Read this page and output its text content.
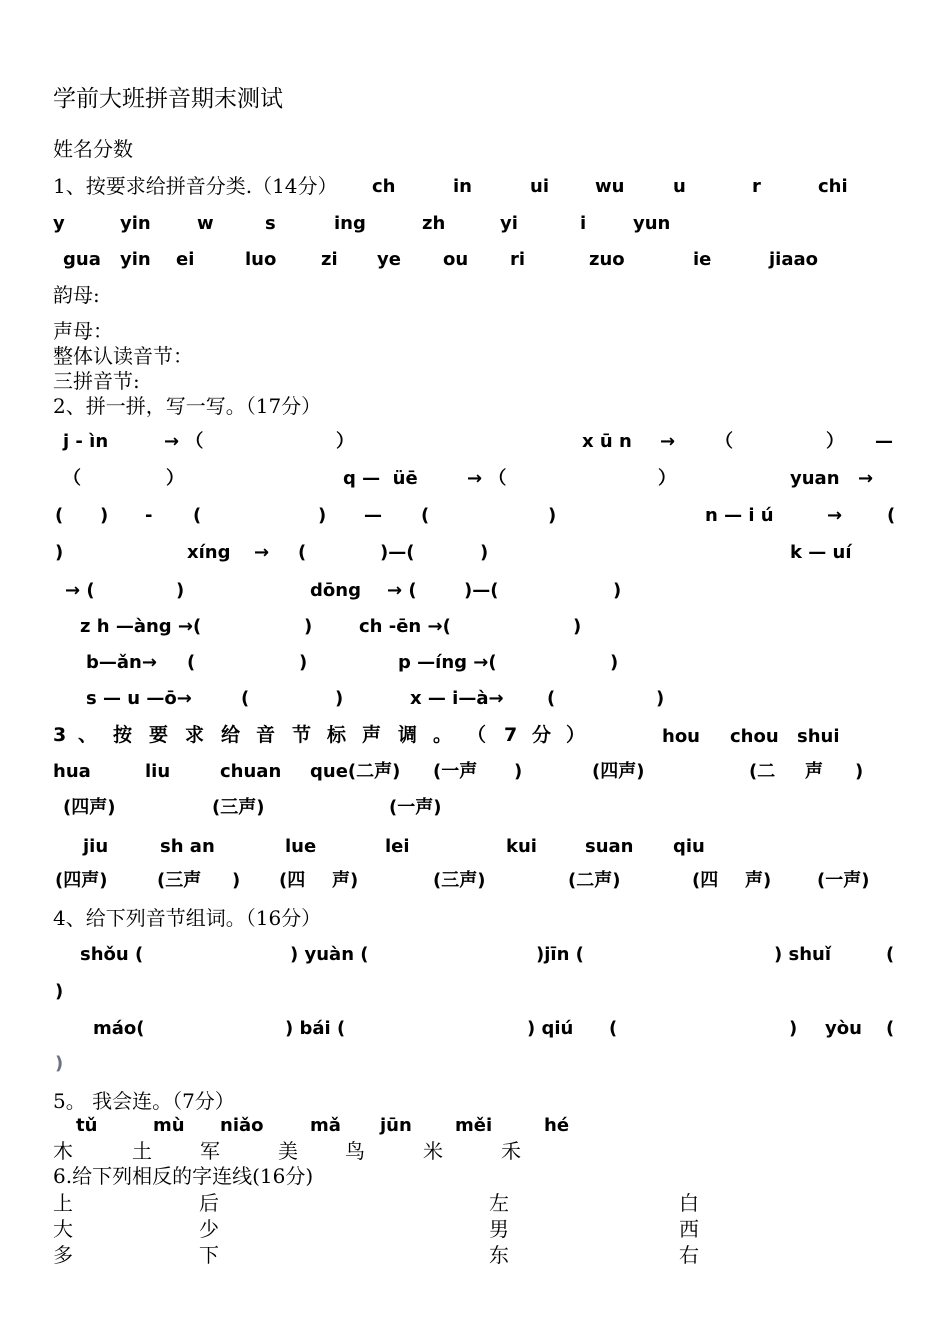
学前大班拼音期末测试
姓名分数
1、按要求给拼音分类.（14分） ch	in	ui	wu	u	r	chi
y	yin	w	s	ing	zh	yi	i	yun
gua yin ei	luo zi ye ou ri	zuo	ie	jiaao
韵母:
声母：
整体认读音节：
三拼音节:
2、拼一拼，写一写。（17分）
j - ìn	→ （	）	x ū n → （	） —
（	）	q —  üē	→ （	）	yuan →
( ) - (	) — (	)	n — i ú	→ (
)	xíng → (	)—(	)	k — uí
→ (	)	dōng → (	)—(	)
z h —àng →(	)	ch -ēn →(	)
b—ǎn→ (	)	p —íng →(	)
s — u —ō→	(	)	x — i—à→ (	)
3 、 按 要 求 给 音 节 标 声 调 。 （ 7 分 ）	hou chou shui
hua	liu	chuan que(二声) (一声 )	(四声)	(二 声 )
(四声)	(三声)	(一声)
jiu	sh an	lue	lei	kui	suan qiu
(四声)	(三声 ) (四 声)	(三声)	(二声)	(四 声)	(一声)
4、给下列音节组词。（16分）
shǒu (	) yuàn (	)jīn (	) shuǐ	(
)
máo(	) bái (	) qiú (	) yòu (
)
5。 我会连。（7分）
tǔ	mù niǎo	mǎ jūn měi	hé
木	土 军	美 鸟	米	禾
6.给下列相反的字连线(16分)
上	后	左	白
大	少	男	西
多	下	东	右
